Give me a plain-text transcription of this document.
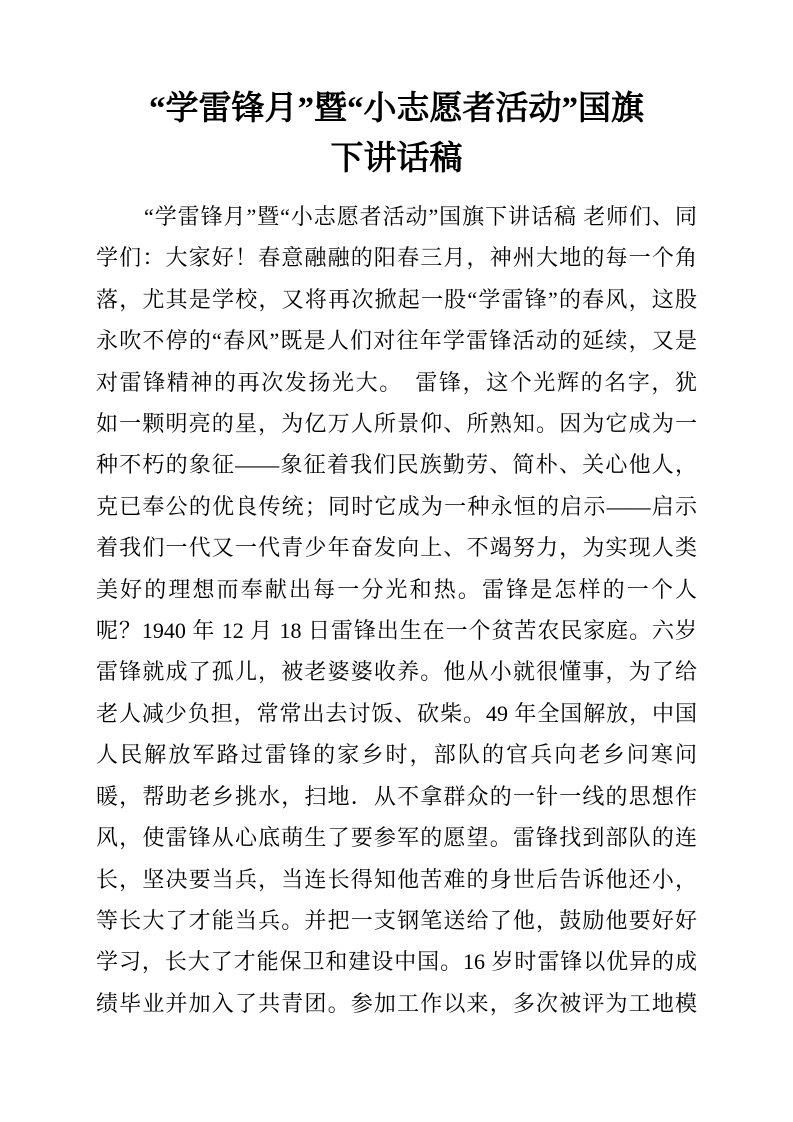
“学雷锋月”暨“小志愿者活动”国旗
下讲话稿

“学雷锋月”暨“小志愿者活动”国旗下讲话稿 老师们、同

学们：大家好！春意融融的阳春三月，神州大地的每一个角

落，尤其是学校，又将再次掀起一股“学雷锋”的春风，这股

永吹不停的“春风”既是人们对往年学雷锋活动的延续，又是

对雷锋精神的再次发扬光大。　雷锋，这个光辉的名字，犹

如一颗明亮的星，为亿万人所景仰、所熟知。因为它成为一

种不朽的象征——象征着我们民族勤劳、简朴、关心他人，

克已奉公的优良传统；同时它成为一种永恒的启示——启示

着我们一代又一代青少年奋发向上、不竭努力，为实现人类

美好的理想而奉献出每一分光和热。雷锋是怎样的一个人

呢？1940 年 12 月 18 日雷锋出生在一个贫苦农民家庭。六岁

雷锋就成了孤儿，被老婆婆收养。他从小就很懂事，为了给

老人减少负担，常常出去讨饭、砍柴。49 年全国解放，中国

人民解放军路过雷锋的家乡时，部队的官兵向老乡问寒问

暖，帮助老乡挑水，扫地．从不拿群众的一针一线的思想作

风，使雷锋从心底萌生了要参军的愿望。雷锋找到部队的连

长，坚决要当兵，当连长得知他苦难的身世后告诉他还小，

等长大了才能当兵。并把一支钢笔送给了他，鼓励他要好好

学习，长大了才能保卫和建设中国。16 岁时雷锋以优异的成

绩毕业并加入了共青团。参加工作以来，多次被评为工地模
